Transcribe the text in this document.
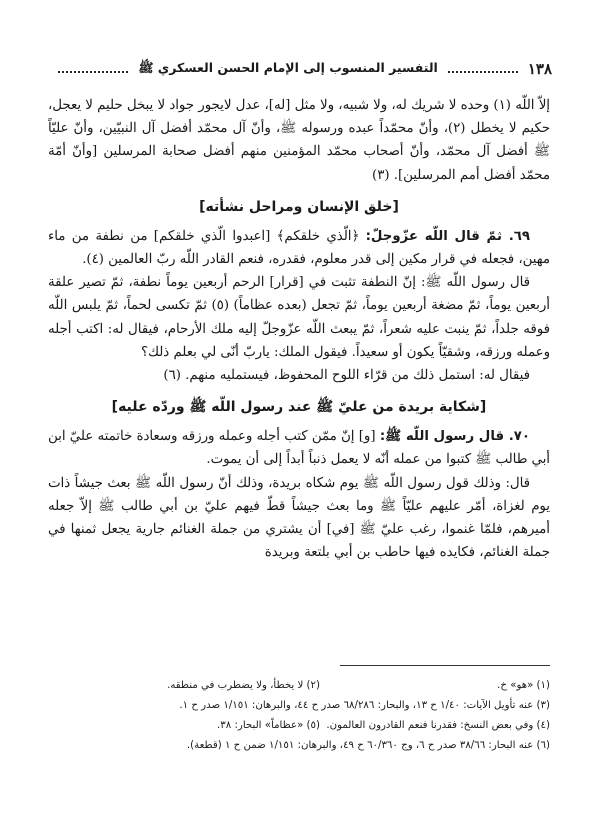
١٣٨
التفسير المنسوب إلى الإمام الحسن العسكري ﷺ

إلاّ اللّه (١) وحده لا شريك له، ولا شبيه، ولا مثل [له]، عدل لايجور جواد لا يبخل حليم لا يعجل، حكيم لا يخطل (٢)، وأنّ محمّداً عبده ورسوله ﷺ، وأنّ آل محمّد أفضل آل النبيّين، وأنّ عليّاً ﷺ أفضل آل محمّد، وأنّ أصحاب محمّد المؤمنين منهم أفضل صحابة المرسلين [وأنّ أمّة محمّد أفضل أمم المرسلين]. (٣)

[خلق الإنسان ومراحل نشأته]

٦٩. ثمّ قال اللّه عزّوجلّ: ﴿الّذي خلقكم﴾ [اعبدوا الّذي خلقكم] من نطفة من ماء مهين، فجعله في قرار مكين إلى قدر معلوم، فقدره، فنعم القادر اللّه ربّ العالمين (٤).

قال رسول اللّه ﷺ: إنّ النطفة تثبت في [قرار] الرحم أربعين يوماً نطفة، ثمّ تصير علقة أربعين يوماً، ثمّ مضغة أربعين يوماً، ثمّ تجعل (بعده عظاماً) (٥) ثمّ تكسى لحماً، ثمّ يلبس اللّه فوقه جلداً، ثمّ ينبت عليه شعراً، ثمّ يبعث اللّه عزّوجلّ إليه ملك الأرحام، فيقال له: اكتب أجله وعمله ورزقه، وشقيّاً يكون أو سعيداً. فيقول الملك: ياربّ أنّى لي بعلم ذلك؟

فيقال له: استمل ذلك من قرّاء اللوح المحفوظ، فيستمليه منهم. (٦)

[شكاية بريدة من عليّ ﷺ عند رسول اللّه ﷺ وردّه عليه]

٧٠. قال رسول اللّه ﷺ: [و] إنّ ممّن كتب أجله وعمله ورزقه وسعادة خاتمته عليّ ابن أبي طالب ﷺ كتبوا من عمله أنّه لا يعمل ذنباً أبداً إلى أن يموت.

قال: وذلك قول رسول اللّه ﷺ يوم شكاه بريدة، وذلك أنّ رسول اللّه ﷺ بعث جيشاً ذات يوم لغزاة، أمّر عليهم عليّاً ﷺ وما بعث جيشاً قطّ فيهم عليّ بن أبي طالب ﷺ إلاّ جعله أميرهم، فلمّا غنموا، رغب عليّ ﷺ [في] أن يشتري من جملة الغنائم جارية يجعل ثمنها في جملة الغنائم، فكايده فيها حاطب بن أبي بلتعة وبريدة

(١) «هو» خ.

(٢) لا يخطأ، ولا يضطرب في منطقه.

(٣) عنه تأويل الآيات: ١/٤٠ ح ١٣، والبحار: ٦٨/٢٨٦ صدر ح ٤٤، والبرهان: ١/١٥١ صدر ح ١.

(٤) وفي بعض النسخ: فقدرنا فنعم القادرون العالمون.

(٥) «عظاماً» البحار: ٣٨.

(٦) عنه البحار: ٣٨/٦٦ صدر ح ٦، وج ٦٠/٣٦٠ ح ٤٩، والبرهان: ١/١٥١ ضمن ح ١ (قطعة).
